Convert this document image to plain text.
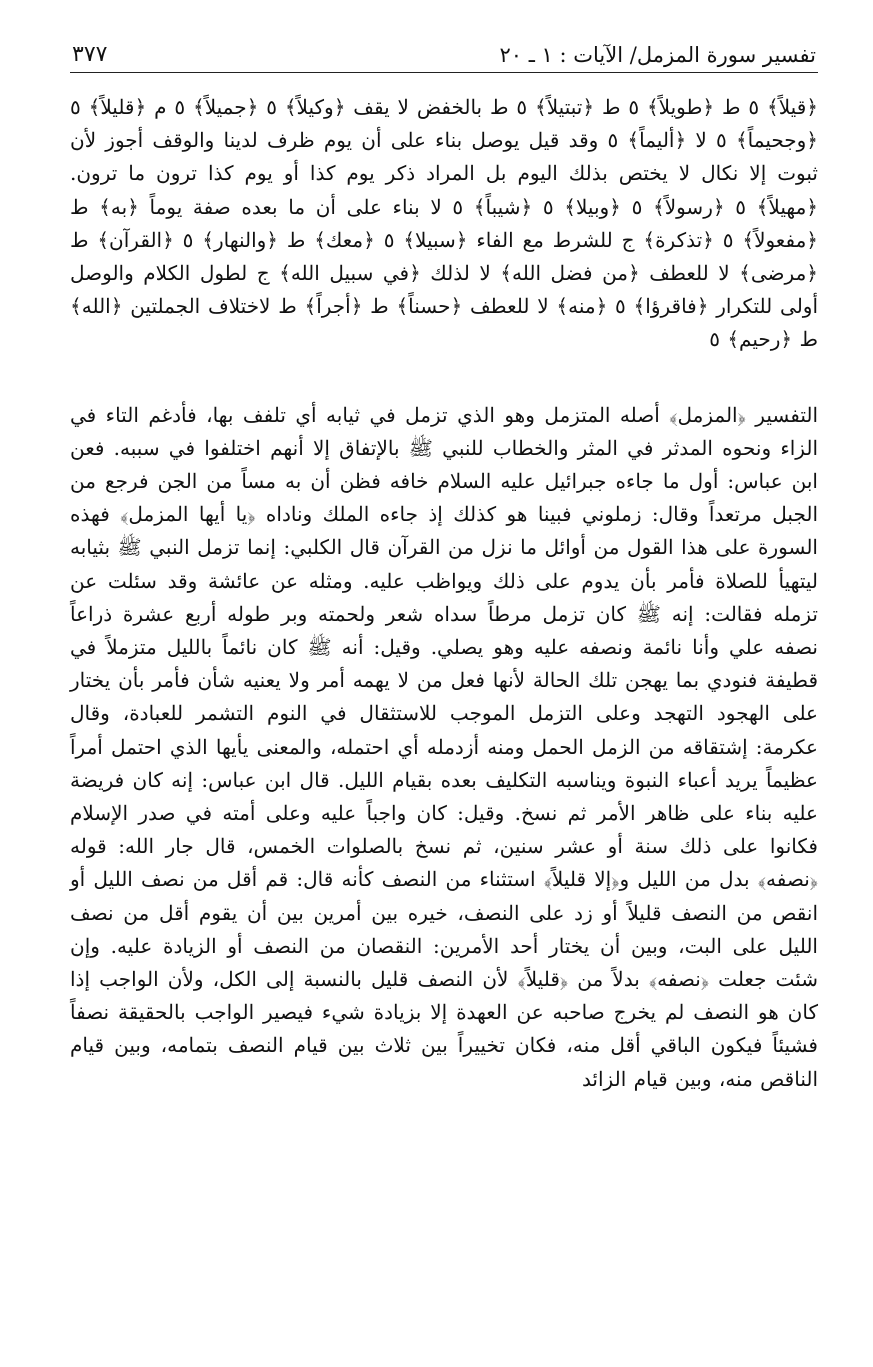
تفسير سورة المزمل/ الآيات : ١ ـ ٢٠
٣٧٧

﴿قيلاً﴾ ٥ ط ﴿طويلاً﴾ ٥ ط ﴿تبتيلاً﴾ ٥ ط بالخفض لا يقف ﴿وكيلاً﴾ ٥ ﴿جميلاً﴾ ٥ م ﴿قليلاً﴾ ٥ ﴿وجحيماً﴾ ٥ لا ﴿أليماً﴾ ٥ وقد قيل يوصل بناء على أن يوم ظرف لدينا والوقف أجوز لأن ثبوت إلا نكال لا يختص بذلك اليوم بل المراد ذكر يوم كذا أو يوم كذا ترون ما ترون. ﴿مهيلاً﴾ ٥ ﴿رسولاً﴾ ٥ ﴿وبيلا﴾ ٥ ﴿شيباً﴾ ٥ لا بناء على أن ما بعده صفة يوماً ﴿به﴾ ط ﴿مفعولاً﴾ ٥ ﴿تذكرة﴾ ج للشرط مع الفاء ﴿سبيلا﴾ ٥ ﴿معك﴾ ط ﴿والنهار﴾ ٥ ﴿القرآن﴾ ط ﴿مرضى﴾ لا للعطف ﴿من فضل الله﴾ لا لذلك ﴿في سبيل الله﴾ ج لطول الكلام والوصل أولى للتكرار ﴿فاقرؤا﴾ ٥ ﴿منه﴾ لا للعطف ﴿حسناً﴾ ط ﴿أجراً﴾ ط لاختلاف الجملتين ﴿الله﴾ ط ﴿رحيم﴾ ٥

التفسير ﴿المزمل﴾ أصله المتزمل وهو الذي تزمل في ثيابه أي تلفف بها، فأدغم التاء في الزاء ونحوه المدثر في المثر والخطاب للنبي ﷺ بالإتفاق إلا أنهم اختلفوا في سببه. فعن ابن عباس: أول ما جاءه جبرائيل عليه السلام خافه فظن أن به مساً من الجن فرجع من الجبل مرتعداً وقال: زملوني فبينا هو كذلك إذ جاءه الملك وناداه ﴿يا أيها المزمل﴾ فهذه السورة على هذا القول من أوائل ما نزل من القرآن قال الكلبي: إنما تزمل النبي ﷺ بثيابه ليتهيأ للصلاة فأمر بأن يدوم على ذلك ويواظب عليه. ومثله عن عائشة وقد سئلت عن تزمله فقالت: إنه ﷺ كان تزمل مرطاً سداه شعر ولحمته وبر طوله أربع عشرة ذراعاً نصفه علي وأنا نائمة ونصفه عليه وهو يصلي. وقيل: أنه ﷺ كان نائماً بالليل متزملاً في قطيفة فنودي بما يهجن تلك الحالة لأنها فعل من لا يهمه أمر ولا يعنيه شأن فأمر بأن يختار على الهجود التهجد وعلى التزمل الموجب للاستثقال في النوم التشمر للعبادة، وقال عكرمة: إشتقاقه من الزمل الحمل ومنه أزدمله أي احتمله، والمعنى يأيها الذي احتمل أمراً عظيماً يريد أعباء النبوة ويناسبه التكليف بعده بقيام الليل. قال ابن عباس: إنه كان فريضة عليه بناء على ظاهر الأمر ثم نسخ. وقيل: كان واجباً عليه وعلى أمته في صدر الإسلام فكانوا على ذلك سنة أو عشر سنين، ثم نسخ بالصلوات الخمس، قال جار الله: قوله ﴿نصفه﴾ بدل من الليل و﴿إلا قليلاً﴾ استثناء من النصف كأنه قال: قم أقل من نصف الليل أو انقص من النصف قليلاً أو زد على النصف، خيره بين أمرين بين أن يقوم أقل من نصف الليل على البت، وبين أن يختار أحد الأمرين: النقصان من النصف أو الزيادة عليه. وإن شئت جعلت ﴿نصفه﴾ بدلاً من ﴿قليلاً﴾ لأن النصف قليل بالنسبة إلى الكل، ولأن الواجب إذا كان هو النصف لم يخرج صاحبه عن العهدة إلا بزيادة شيء فيصير الواجب بالحقيقة نصفاً فشيئاً فيكون الباقي أقل منه، فكان تخييراً بين ثلاث بين قيام النصف بتمامه، وبين قيام الناقص منه، وبين قيام الزائد
